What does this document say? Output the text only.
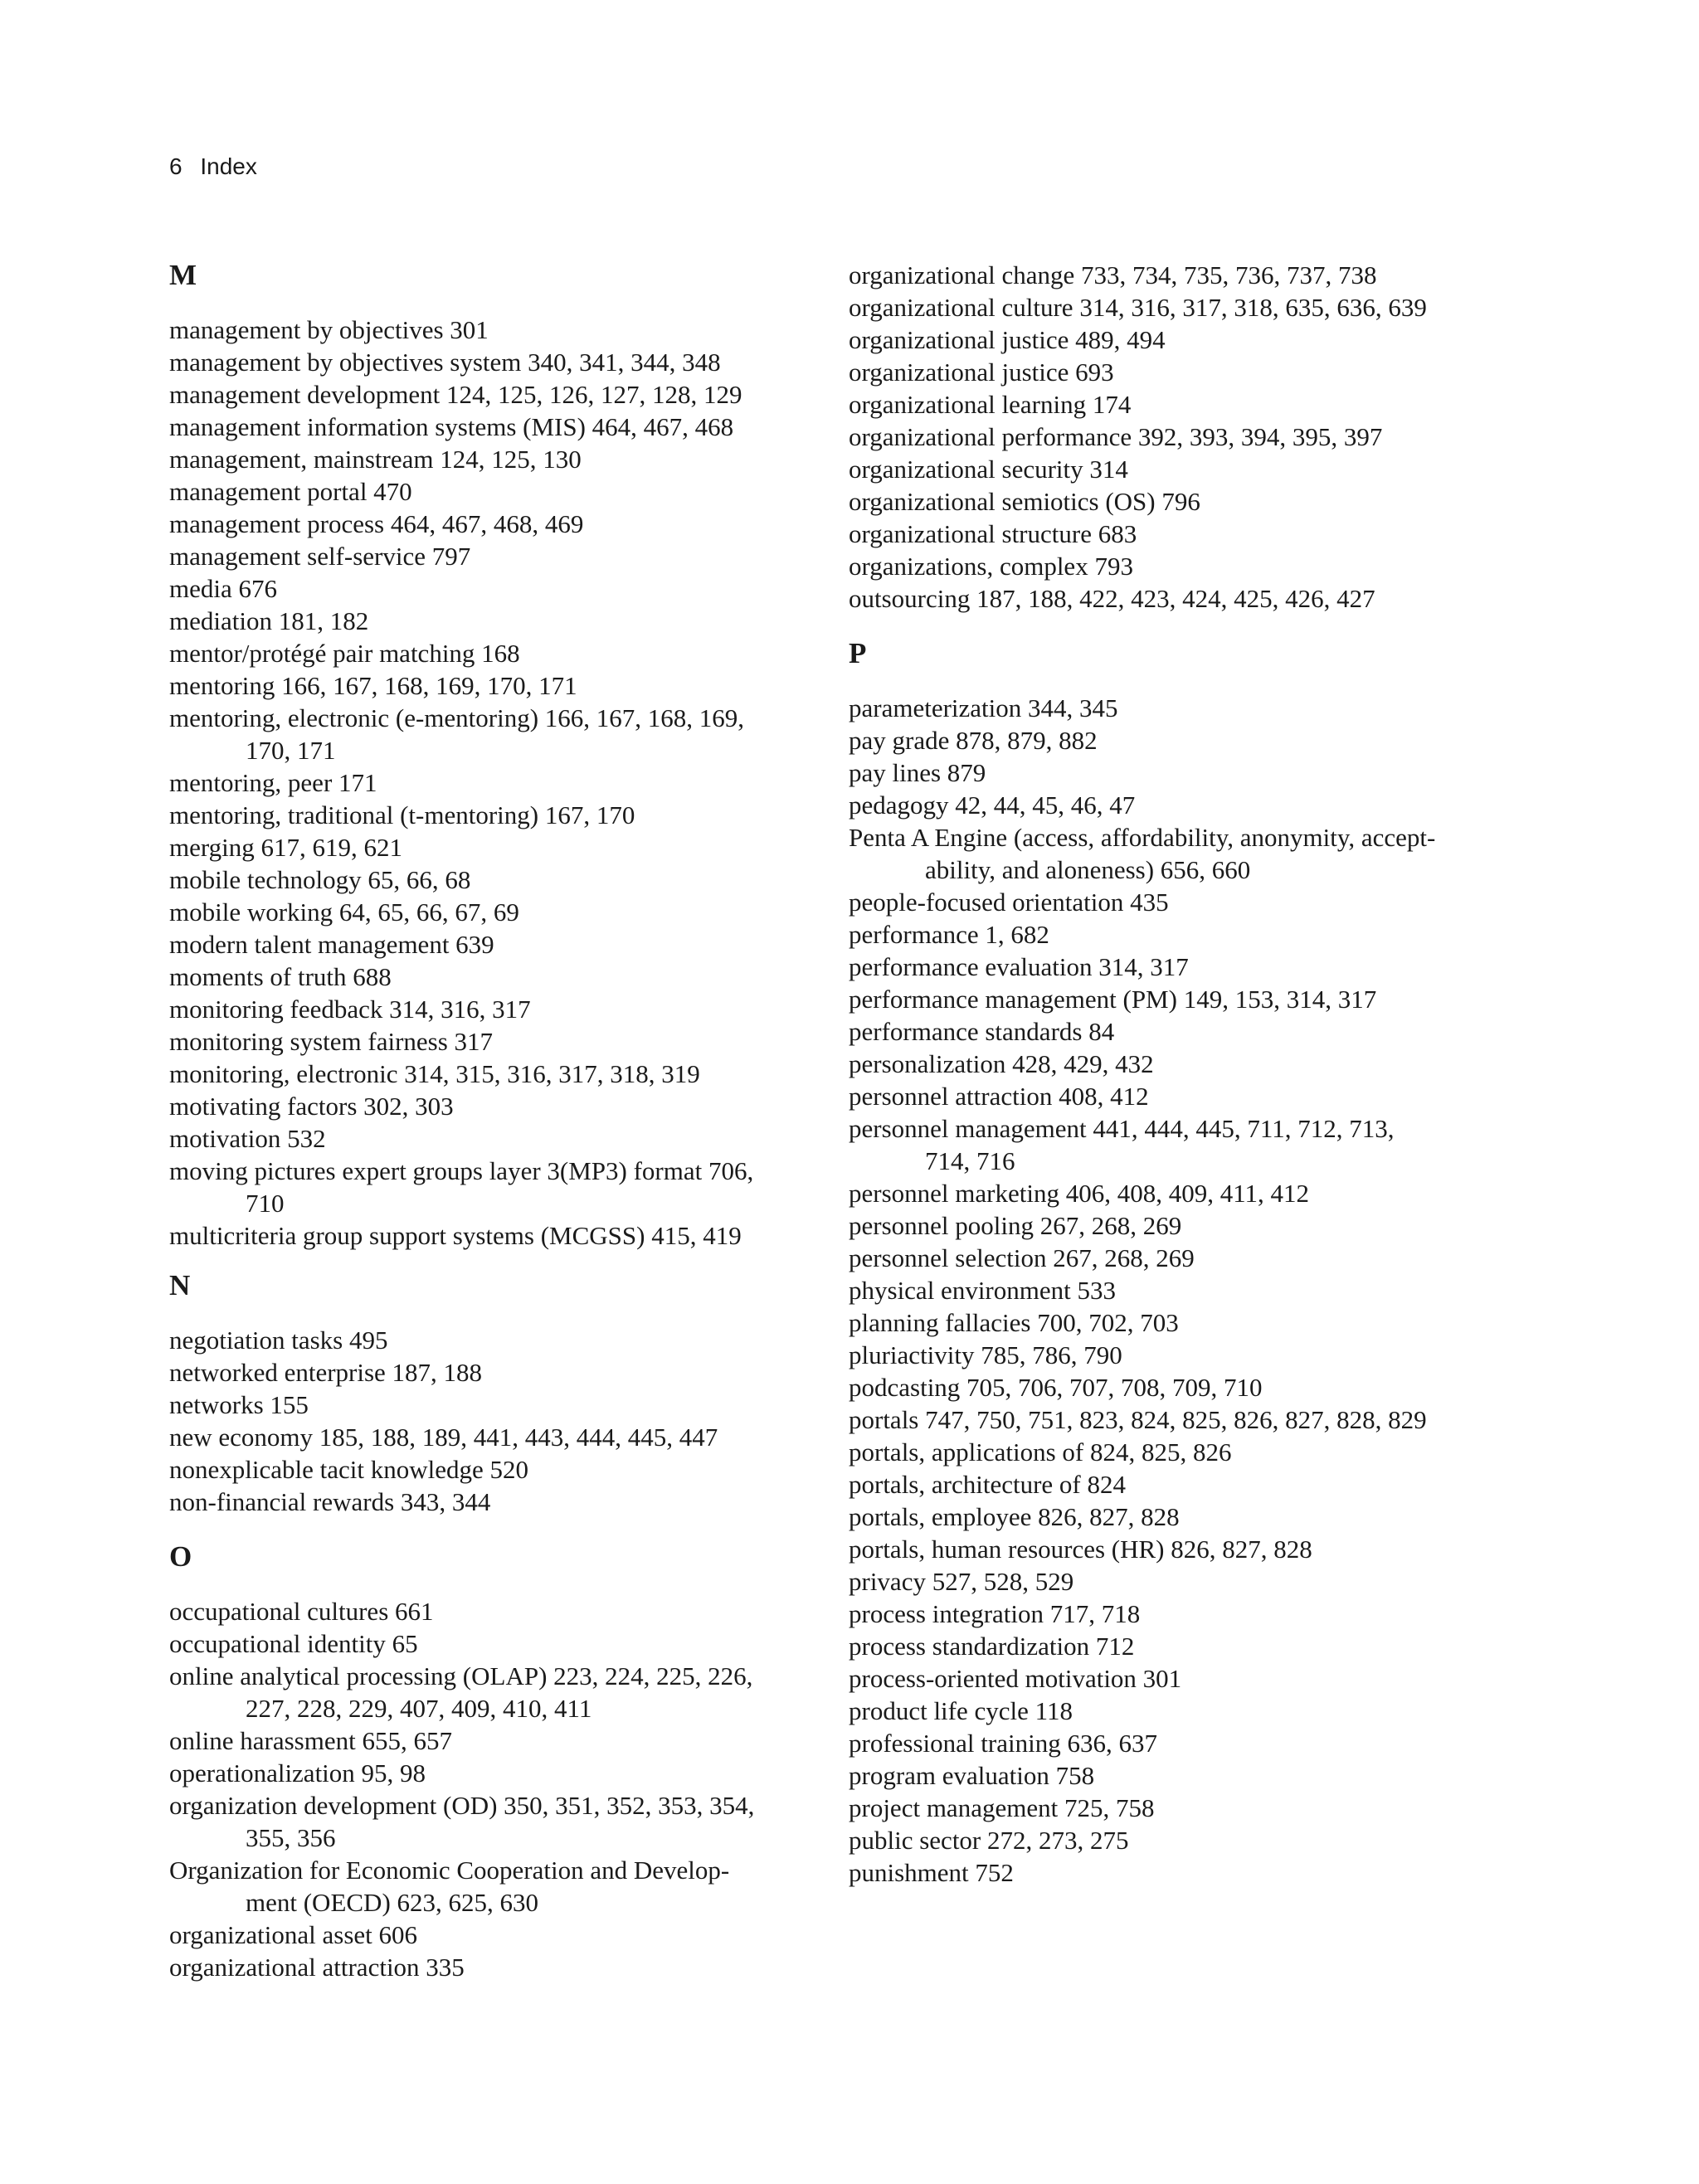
6 Index
M
management by objectives 301
management by objectives system 340, 341, 344, 348
management development 124, 125, 126, 127, 128, 129
management information systems (MIS) 464, 467, 468
management, mainstream 124, 125, 130
management portal 470
management process 464, 467, 468, 469
management self-service 797
media 676
mediation 181, 182
mentor/protégé pair matching 168
mentoring 166, 167, 168, 169, 170, 171
mentoring, electronic (e-mentoring) 166, 167, 168, 169,
170, 171
mentoring, peer 171
mentoring, traditional (t-mentoring) 167, 170
merging 617, 619, 621
mobile technology 65, 66, 68
mobile working 64, 65, 66, 67, 69
modern talent management 639
moments of truth 688
monitoring feedback 314, 316, 317
monitoring system fairness 317
monitoring, electronic 314, 315, 316, 317, 318, 319
motivating factors 302, 303
motivation 532
moving pictures expert groups layer 3(MP3) format 706,
710
multicriteria group support systems (MCGSS) 415, 419
N
negotiation tasks 495
networked enterprise 187, 188
networks 155
new economy 185, 188, 189, 441, 443, 444, 445, 447
nonexplicable tacit knowledge 520
non-financial rewards 343, 344
O
occupational cultures 661
occupational identity 65
online analytical processing (OLAP) 223, 224, 225, 226,
227, 228, 229, 407, 409, 410, 411
online harassment 655, 657
operationalization 95, 98
organization development (OD) 350, 351, 352, 353, 354,
355, 356
Organization for Economic Cooperation and Develop-
ment (OECD) 623, 625, 630
organizational asset 606
organizational attraction 335
organizational change 733, 734, 735, 736, 737, 738
organizational culture 314, 316, 317, 318, 635, 636, 639
organizational justice 489, 494
organizational justice 693
organizational learning 174
organizational performance 392, 393, 394, 395, 397
organizational security 314
organizational semiotics (OS) 796
organizational structure 683
organizations, complex 793
outsourcing 187, 188, 422, 423, 424, 425, 426, 427
P
parameterization 344, 345
pay grade 878, 879, 882
pay lines 879
pedagogy 42, 44, 45, 46, 47
Penta A Engine (access, affordability, anonymity, accept-
ability, and aloneness) 656, 660
people-focused orientation 435
performance 1, 682
performance evaluation 314, 317
performance management (PM) 149, 153, 314, 317
performance standards 84
personalization 428, 429, 432
personnel attraction 408, 412
personnel management 441, 444, 445, 711, 712, 713,
714, 716
personnel marketing 406, 408, 409, 411, 412
personnel pooling 267, 268, 269
personnel selection 267, 268, 269
physical environment 533
planning fallacies 700, 702, 703
pluriactivity 785, 786, 790
podcasting 705, 706, 707, 708, 709, 710
portals 747, 750, 751, 823, 824, 825, 826, 827, 828, 829
portals, applications of 824, 825, 826
portals, architecture of 824
portals, employee 826, 827, 828
portals, human resources (HR) 826, 827, 828
privacy 527, 528, 529
process integration 717, 718
process standardization 712
process-oriented motivation 301
product life cycle 118
professional training 636, 637
program evaluation 758
project management 725, 758
public sector 272, 273, 275
punishment 752
